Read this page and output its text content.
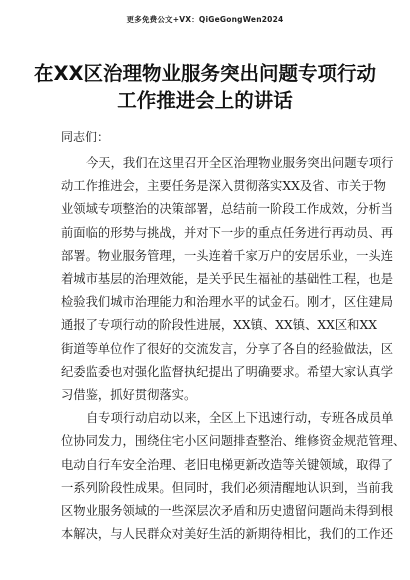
更多免费公文+VX：QiGeGongWen2024
在XX区治理物业服务突出问题专项行动
工作推进会上的讲话
同志们：
今天，我们在这里召开全区治理物业服务突出问题专项行
动工作推进会，主要任务是深入贯彻落实XX及省、市关于物
业领域专项整治的决策部署，总结前一阶段工作成效，分析当
前面临的形势与挑战，并对下一步的重点任务进行再动员、再
部署。物业服务管理，一头连着千家万户的安居乐业，一头连
着城市基层的治理效能，是关乎民生福祉的基础性工程，也是
检验我们城市治理能力和治理水平的试金石。刚才，区住建局
通报了专项行动的阶段性进展，XX镇、XX镇、XX区和XX
街道等单位作了很好的交流发言，分享了各自的经验做法，区
纪委监委也对强化监督执纪提出了明确要求。希望大家认真学
习借鉴，抓好贯彻落实。
自专项行动启动以来，全区上下迅速行动，专班各成员单
位协同发力，围绕住宅小区问题排查整治、维修资金规范管理、
电动自行车安全治理、老旧电梯更新改造等关键领域，取得了
一系列阶段性成果。但同时，我们必须清醒地认识到，当前我
区物业服务领域的一些深层次矛盾和历史遗留问题尚未得到根
本解决，与人民群众对美好生活的新期待相比，我们的工作还
